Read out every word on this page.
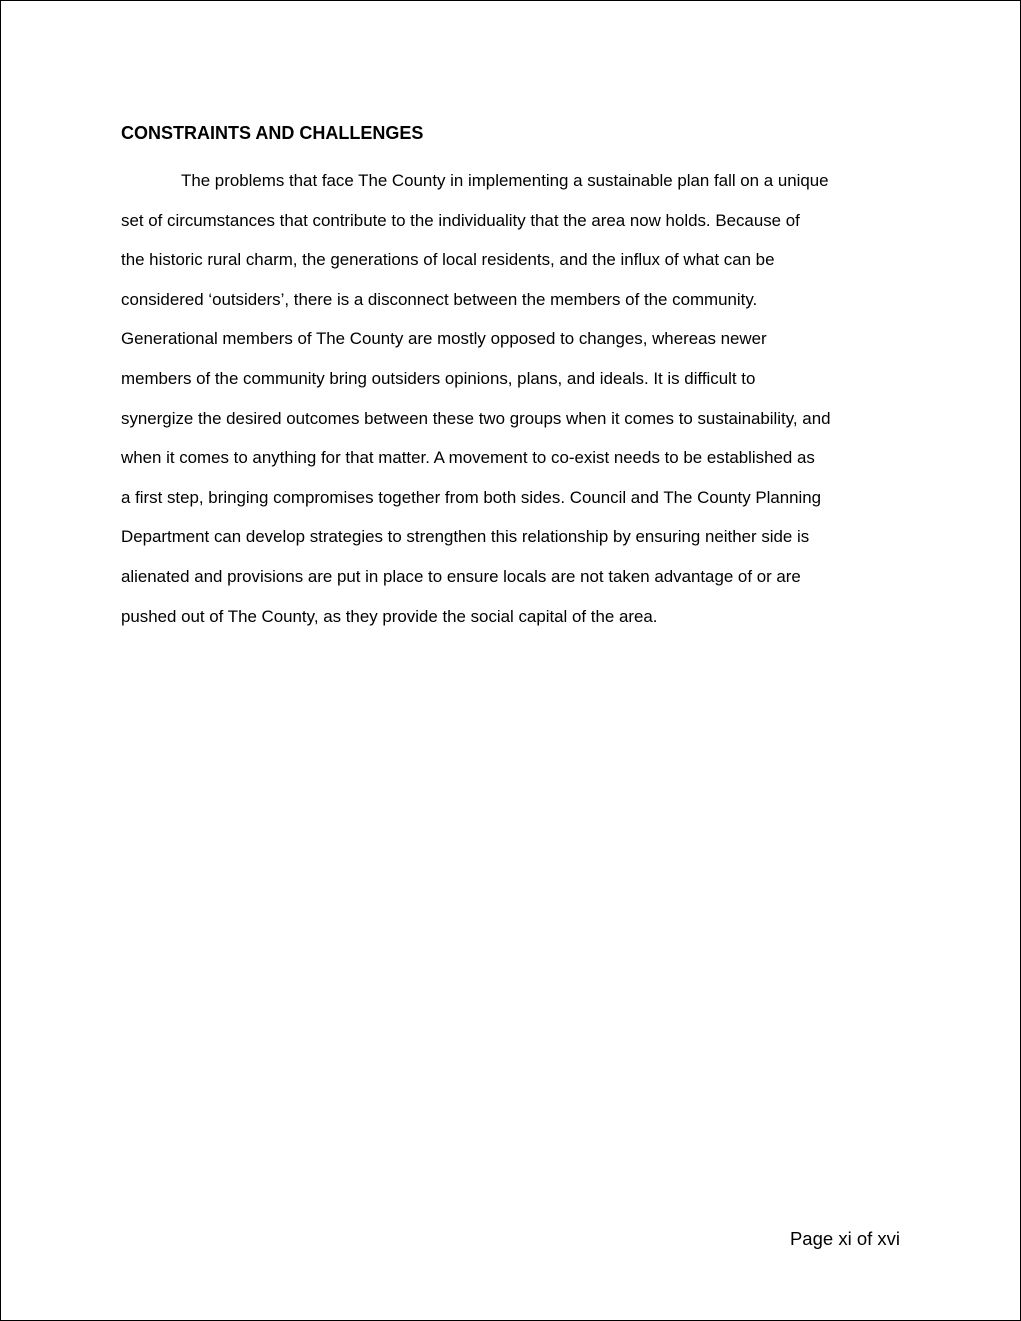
CONSTRAINTS AND CHALLENGES
The problems that face The County in implementing a sustainable plan fall on a unique
set of circumstances that contribute to the individuality that the area now holds. Because of
the historic rural charm, the generations of local residents, and the influx of what can be
considered ‘outsiders’, there is a disconnect between the members of the community.
Generational members of The County are mostly opposed to changes, whereas newer
members of the community bring outsiders opinions, plans, and ideals. It is difficult to
synergize the desired outcomes between these two groups when it comes to sustainability, and
when it comes to anything for that matter. A movement to co-exist needs to be established as
a first step, bringing compromises together from both sides. Council and The County Planning
Department can develop strategies to strengthen this relationship by ensuring neither side is
alienated and provisions are put in place to ensure locals are not taken advantage of or are
pushed out of The County, as they provide the social capital of the area.
Page xi of xvi
